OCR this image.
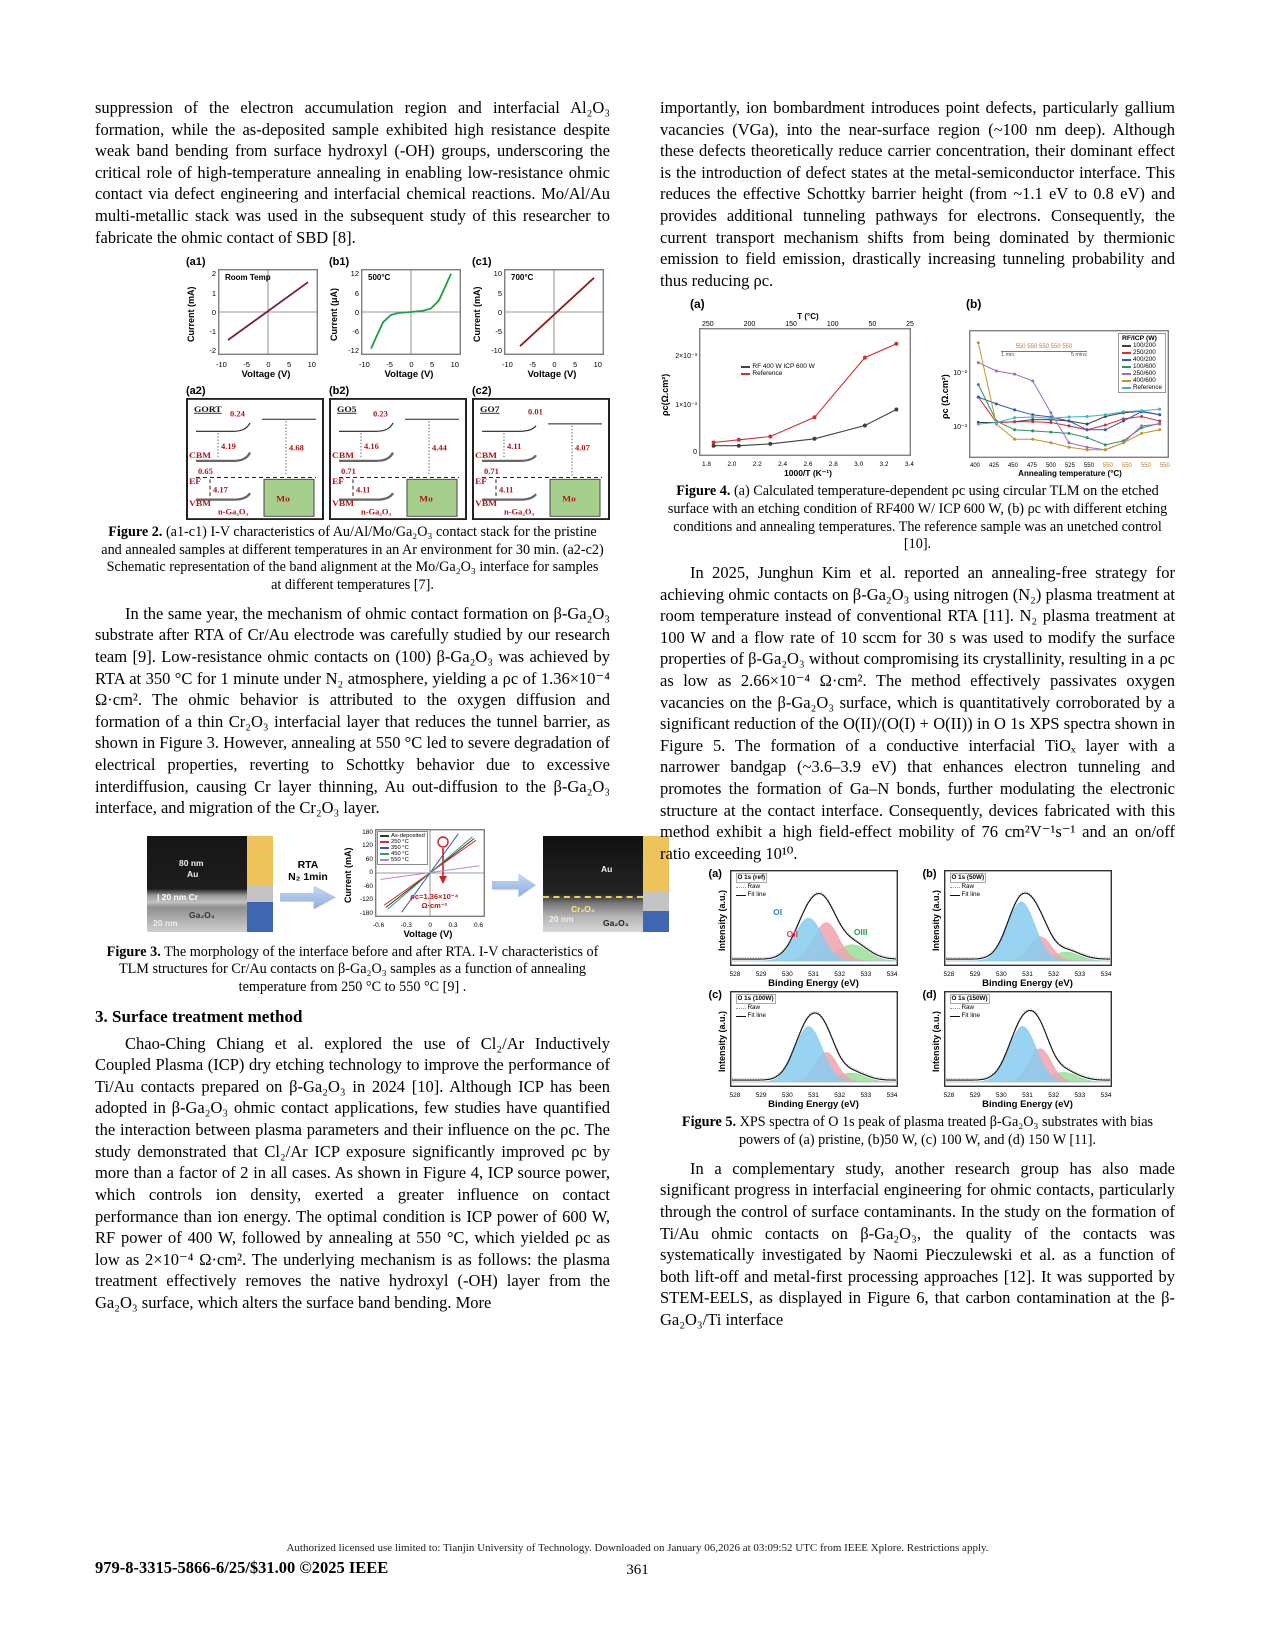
suppression of the electron accumulation region and interfacial Al₂O₃ formation, while the as-deposited sample exhibited high resistance despite weak band bending from surface hydroxyl (-OH) groups, underscoring the critical role of high-temperature annealing in enabling low-resistance ohmic contact via defect engineering and interfacial chemical reactions. Mo/Al/Au multi-metallic stack was used in the subsequent study of this researcher to fabricate the ohmic contact of SBD [8].

(a1)
Current (mA)
2
1
0
-1
-2
Room Temp
-10 -5 0 5 10
Voltage (V)
(b1)
Current (μA)
12
6
0
-6
-12
500°C
-10 -5 0 5 10
Voltage (V)
(c1)
Current (mA)
10
5
0
-5
-10
700°C
-10 -5 0 5 10
Voltage (V)
(a2)
GORT
0.24
4.19	4.68
CBM
0.65
EF
4.17
VBM
n-Ga₂O₃
Mo
(b2)
GO5
0.23
4.16	4.44
CBM
0.71
EF
4.11
VBM
n-Ga₂O₃
Mo
(c2)
GO7	0.01
4.11	4.07
CBM
0.71
EF
4.11
VBM
n-Ga₂O₃
Mo
Figure 2. (a1-c1) I-V characteristics of Au/Al/Mo/Ga₂O₃ contact stack for the pristine and annealed samples at different temperatures in an Ar environment for 30 min. (a2-c2) Schematic representation of the band alignment at the Mo/Ga₂O₃ interface for samples at different temperatures [7].

In the same year, the mechanism of ohmic contact formation on β-Ga₂O₃ substrate after RTA of Cr/Au electrode was carefully studied by our research team [9]. Low-resistance ohmic contacts on (100) β-Ga₂O₃ was achieved by RTA at 350 °C for 1 minute under N₂ atmosphere, yielding a ρc of 1.36×10⁻⁴ Ω·cm². The ohmic behavior is attributed to the oxygen diffusion and formation of a thin Cr₂O₃ interfacial layer that reduces the tunnel barrier, as shown in Figure 3. However, annealing at 550 °C led to severe degradation of electrical properties, reverting to Schottky behavior due to excessive interdiffusion, causing Cr layer thinning, Au out-diffusion to the β-Ga₂O₃ interface, and migration of the Cr₂O₃ layer.

80 nm
Au
| 20 nm Cr
Ga₂O₃
20 nm
RTA
N₂ 1min	Current (mA)
180
120
60
0
-60
-120
-180
As-deposited
250 °C
350 °C
450 °C
550 °C
ρc=1.36×10⁻⁴
Ω·cm⁻²
-0.6	-0.3	0	0.3	0.6
Voltage (V)
Au
Cr₂O₃
Ga₂O₃
20 nm
Figure 3. The morphology of the interface before and after RTA. I-V characteristics of TLM structures for Cr/Au contacts on β-Ga₂O₃ samples as a function of annealing temperature from 250 °C to 550 °C [9] .
3. Surface treatment method

Chao-Ching Chiang et al. explored the use of Cl₂/Ar Inductively Coupled Plasma (ICP) dry etching technology to improve the performance of Ti/Au contacts prepared on β-Ga₂O₃ in 2024 [10]. Although ICP has been adopted in β-Ga₂O₃ ohmic contact applications, few studies have quantified the interaction between plasma parameters and their influence on the ρc. The study demonstrated that Cl₂/Ar ICP exposure significantly improved ρc by more than a factor of 2 in all cases. As shown in Figure 4, ICP source power, which controls ion density, exerted a greater influence on contact performance than ion energy. The optimal condition is ICP power of 600 W, RF power of 400 W, followed by annealing at 550 °C, which yielded ρc as low as 2×10⁻⁴ Ω·cm². The underlying mechanism is as follows: the plasma treatment effectively removes the native hydroxyl (-OH) layer from the Ga₂O₃ surface, which alters the surface band bending. More

importantly, ion bombardment introduces point defects, particularly gallium vacancies (VGa), into the near-surface region (~100 nm deep). Although these defects theoretically reduce carrier concentration, their dominant effect is the introduction of defect states at the metal-semiconductor interface. This reduces the effective Schottky barrier height (from ~1.1 eV to 0.8 eV) and provides additional tunneling pathways for electrons. Consequently, the current transport mechanism shifts from being dominated by thermionic emission to field emission, drastically increasing tunneling probability and thus reducing ρc.

(a)
T (°C)
250	200	150	100	50	25
ρc(Ω.cm²)
2×10⁻³
1×10⁻³
0
RF 400 W ICP 600 W
Reference
1.8	2.0	2.2	2.4	2.6	2.8	3.0	3.2	3.4
1000/T (K⁻¹)
(b)
ρc (Ω.cm²)
10⁻²
10⁻³
RF/ICP (W)
100/200
250/200
400/200
100/600
250/600
400/600
Reference
550 550 550 550 550
1 min	5 mins
400 425 450 475 500 525 550 550 550 550 550
Annealing temperature (°C)
Figure 4. (a) Calculated temperature-dependent ρc using circular TLM on the etched surface with an etching condition of RF400 W/ ICP 600 W, (b) ρc with different etching conditions and annealing temperatures. The reference sample was an unetched control [10].

In 2025, Junghun Kim et al. reported an annealing-free strategy for achieving ohmic contacts on β-Ga₂O₃ using nitrogen (N₂) plasma treatment at room temperature instead of conventional RTA [11]. N₂ plasma treatment at 100 W and a flow rate of 10 sccm for 30 s was used to modify the surface properties of β-Ga₂O₃ without compromising its crystallinity, resulting in a ρc as low as 2.66×10⁻⁴ Ω·cm². The method effectively passivates oxygen vacancies on the β-Ga₂O₃ surface, which is quantitatively corroborated by a significant reduction of the O(II)/(O(I) + O(II)) in O 1s XPS spectra shown in Figure 5. The formation of a conductive interfacial TiOₓ layer with a narrower bandgap (~3.6–3.9 eV) that enhances electron tunneling and promotes the formation of Ga–N bonds, further modulating the electronic structure at the contact interface. Consequently, devices fabricated with this method exhibit a high field-effect mobility of 76 cm²V⁻¹s⁻¹ and an on/off ratio exceeding 10¹⁰.

(a)
Intensity (a.u.)
O 1s (ref)
Raw
Fit line
OI
OII	OIII
528 529 530 531 532 533 534
Binding Energy (eV)
(b)
Intensity (a.u.)
O 1s (50W)
Raw
Fit line
528 529 530 531 532 533 534
Binding Energy (eV)
(c)
Intensity (a.u.)
O 1s (100W)
Raw
Fit line
528 529 530 531 532 533 534
Binding Energy (eV)
(d)
Intensity (a.u.)
O 1s (150W)
Raw
Fit line
528 529 530 531 532 533 534
Binding Energy (eV)
Figure 5. XPS spectra of O 1s peak of plasma treated β-Ga₂O₃ substrates with bias powers of (a) pristine, (b)50 W, (c) 100 W, and (d) 150 W [11].

In a complementary study, another research group has also made significant progress in interfacial engineering for ohmic contacts, particularly through the control of surface contaminants. In the study on the formation of Ti/Au ohmic contacts on β-Ga₂O₃, the quality of the contacts was systematically investigated by Naomi Pieczulewski et al. as a function of both lift-off and metal-first processing approaches [12]. It was supported by STEM-EELS, as displayed in Figure 6, that carbon contamination at the β-Ga₂O₃/Ti interface

Authorized licensed use limited to: Tianjin University of Technology. Downloaded on January 06,2026 at 03:09:52 UTC from IEEE Xplore. Restrictions apply.
979-8-3315-5866-6/25/$31.00 ©2025 IEEE	361
